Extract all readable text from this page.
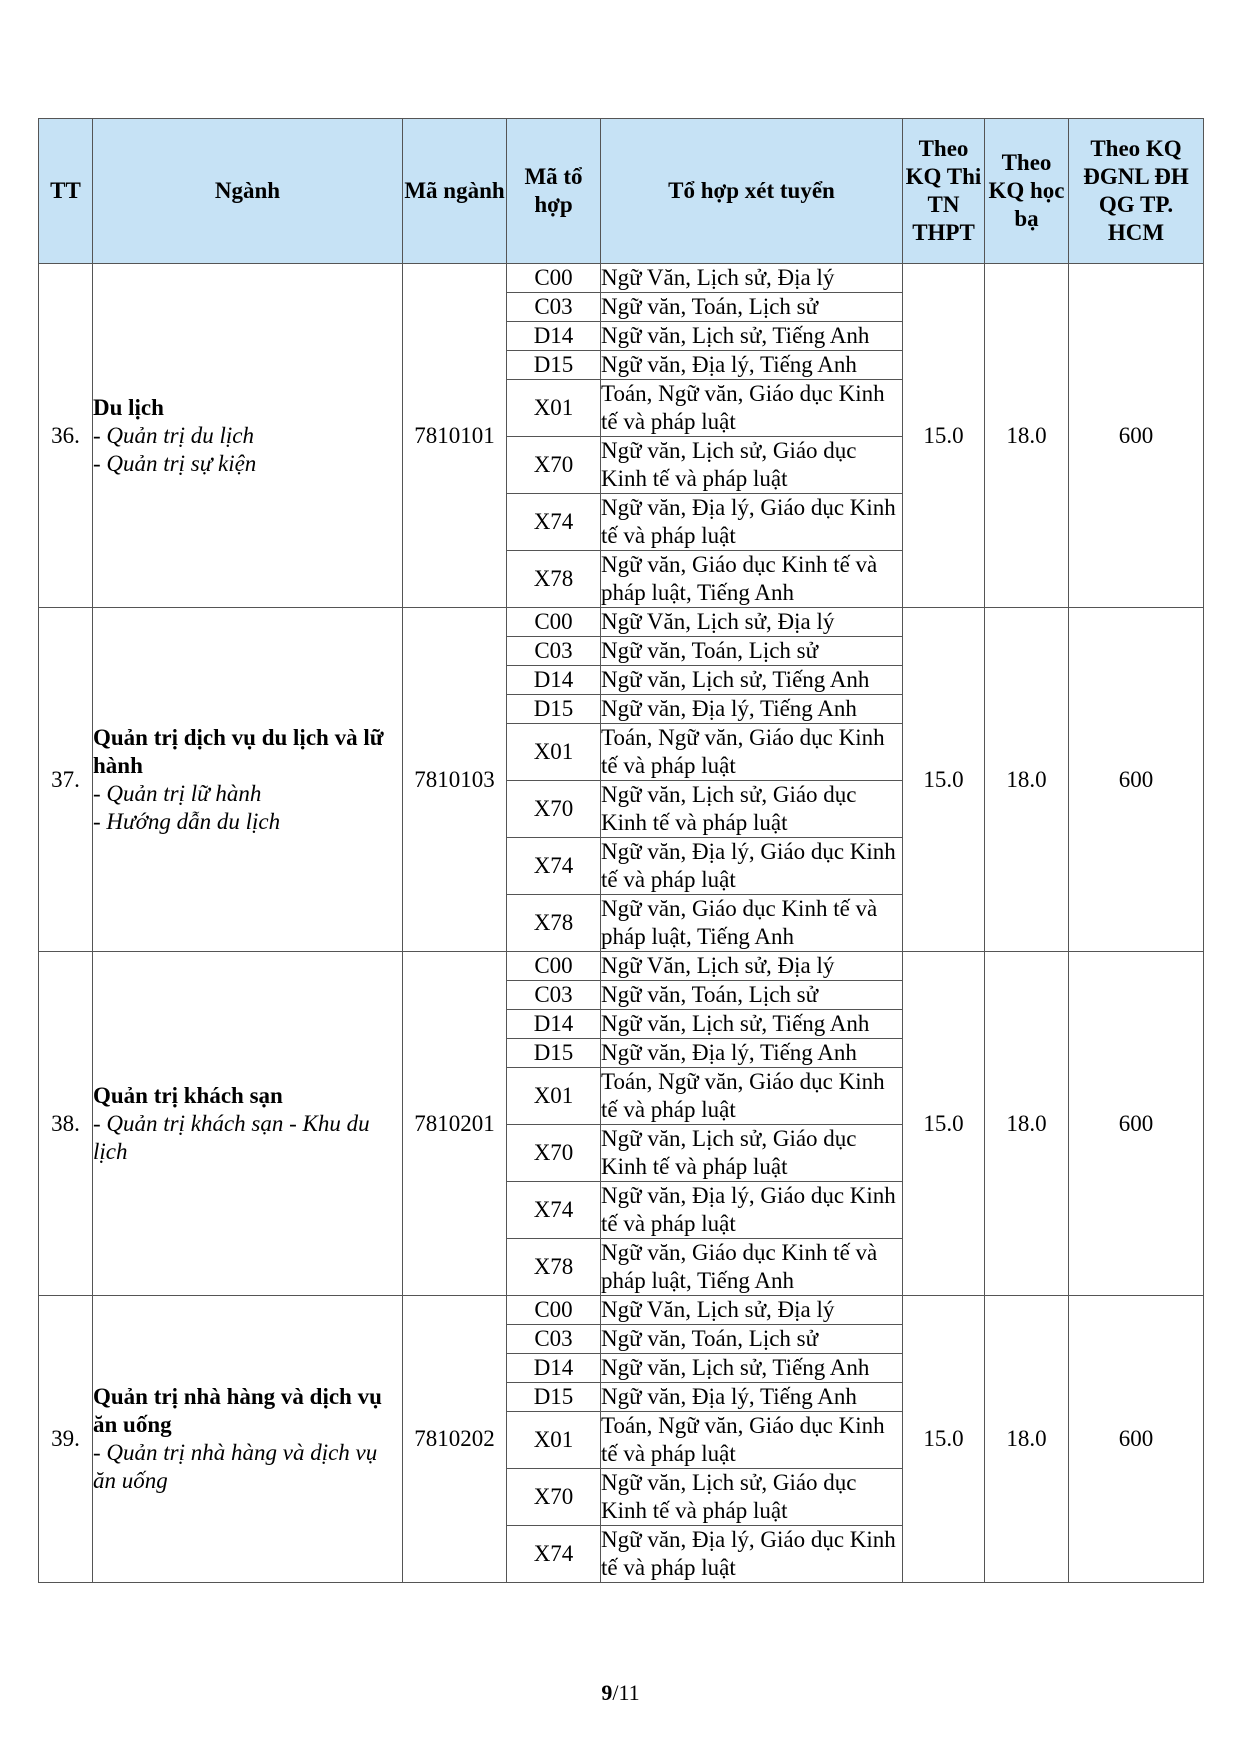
TT	Ngành	Mã ngành	Mã tổ hợp	Tổ hợp xét tuyển	Theo KQ Thi TN THPT	Theo KQ học bạ	Theo KQ ĐGNL ĐH QG TP. HCM
36.	Du lịch
- Quản trị du lịch
- Quản trị sự kiện	7810101	C00	Ngữ Văn, Lịch sử, Địa lý	15.0	18.0	600
			C03	Ngữ văn, Toán, Lịch sử			
			D14	Ngữ văn, Lịch sử, Tiếng Anh			
			D15	Ngữ văn, Địa lý, Tiếng Anh			
			X01	Toán, Ngữ văn, Giáo dục Kinh tế và pháp luật			
			X70	Ngữ văn, Lịch sử, Giáo dục Kinh tế và pháp luật			
			X74	Ngữ văn, Địa lý, Giáo dục Kinh tế và pháp luật			
			X78	Ngữ văn, Giáo dục Kinh tế và pháp luật, Tiếng Anh			
37.	Quản trị dịch vụ du lịch và lữ hành
- Quản trị lữ hành
- Hướng dẫn du lịch	7810103	C00	Ngữ Văn, Lịch sử, Địa lý	15.0	18.0	600
			C03	Ngữ văn, Toán, Lịch sử			
			D14	Ngữ văn, Lịch sử, Tiếng Anh			
			D15	Ngữ văn, Địa lý, Tiếng Anh			
			X01	Toán, Ngữ văn, Giáo dục Kinh tế và pháp luật			
			X70	Ngữ văn, Lịch sử, Giáo dục Kinh tế và pháp luật			
			X74	Ngữ văn, Địa lý, Giáo dục Kinh tế và pháp luật			
			X78	Ngữ văn, Giáo dục Kinh tế và pháp luật, Tiếng Anh			
38.	Quản trị khách sạn
- Quản trị khách sạn - Khu du lịch	7810201	C00	Ngữ Văn, Lịch sử, Địa lý	15.0	18.0	600
			C03	Ngữ văn, Toán, Lịch sử			
			D14	Ngữ văn, Lịch sử, Tiếng Anh			
			D15	Ngữ văn, Địa lý, Tiếng Anh			
			X01	Toán, Ngữ văn, Giáo dục Kinh tế và pháp luật			
			X70	Ngữ văn, Lịch sử, Giáo dục Kinh tế và pháp luật			
			X74	Ngữ văn, Địa lý, Giáo dục Kinh tế và pháp luật			
			X78	Ngữ văn, Giáo dục Kinh tế và pháp luật, Tiếng Anh			
39.	Quản trị nhà hàng và dịch vụ ăn uống
- Quản trị nhà hàng và dịch vụ ăn uống	7810202	C00	Ngữ Văn, Lịch sử, Địa lý	15.0	18.0	600
			C03	Ngữ văn, Toán, Lịch sử			
			D14	Ngữ văn, Lịch sử, Tiếng Anh			
			D15	Ngữ văn, Địa lý, Tiếng Anh			
			X01	Toán, Ngữ văn, Giáo dục Kinh tế và pháp luật			
			X70	Ngữ văn, Lịch sử, Giáo dục Kinh tế và pháp luật			
			X74	Ngữ văn, Địa lý, Giáo dục Kinh tế và pháp luật			
9/11
